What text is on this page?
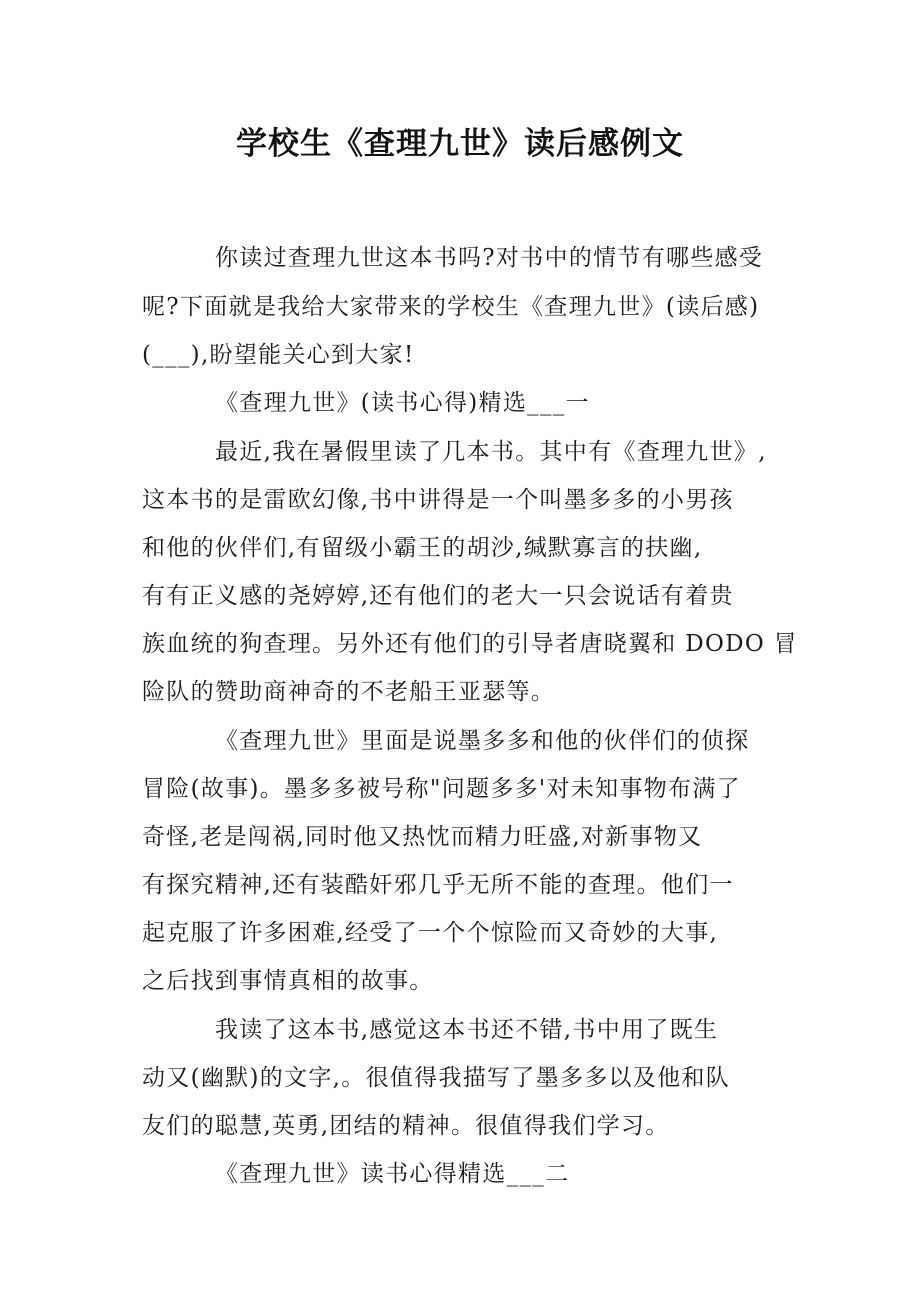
学校生《查理九世》读后感例文
你读过查理九世这本书吗?对书中的情节有哪些感受
呢?下面就是我给大家带来的学校生《查理九世》(读后感)
(___),盼望能关心到大家!
《查理九世》(读书心得)精选___一
最近,我在暑假里读了几本书。其中有《查理九世》,
这本书的是雷欧幻像,书中讲得是一个叫墨多多的小男孩
和他的伙伴们,有留级小霸王的胡沙,缄默寡言的扶幽,
有有正义感的尧婷婷,还有他们的老大一只会说话有着贵
族血统的狗查理。另外还有他们的引导者唐晓翼和 DODO 冒
险队的赞助商神奇的不老船王亚瑟等。
《查理九世》里面是说墨多多和他的伙伴们的侦探
冒险(故事)。墨多多被号称"问题多多'对未知事物布满了
奇怪,老是闯祸,同时他又热忱而精力旺盛,对新事物又
有探究精神,还有装酷奸邪几乎无所不能的查理。他们一
起克服了许多困难,经受了一个个惊险而又奇妙的大事,
之后找到事情真相的故事。
我读了这本书,感觉这本书还不错,书中用了既生
动又(幽默)的文字,。很值得我描写了墨多多以及他和队
友们的聪慧,英勇,团结的精神。很值得我们学习。
《查理九世》读书心得精选___二
